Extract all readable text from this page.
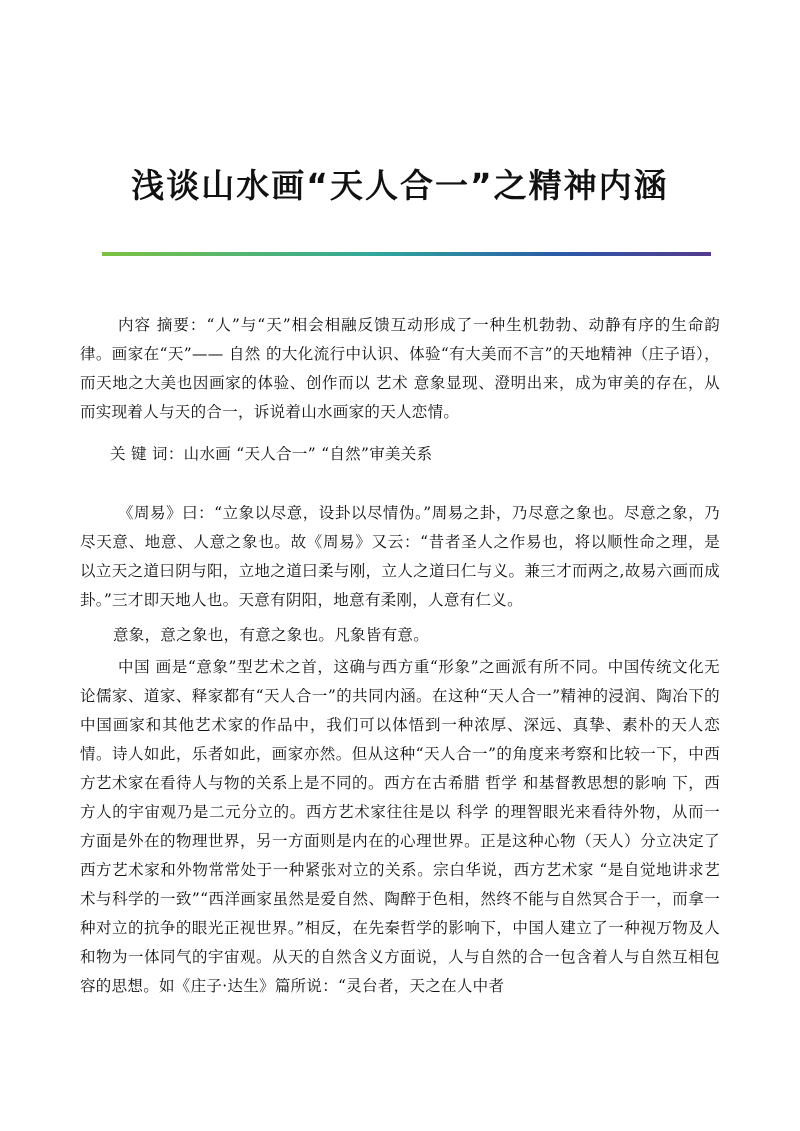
浅谈山水画“天人合一”之精神内涵

内容 摘要：“人”与“天”相会相融反馈互动形成了一种生机勃勃、动静有序的生命韵律。画家在“天”—— 自然 的大化流行中认识、体验“有大美而不言”的天地精神（庄子语），而天地之大美也因画家的体验、创作而以 艺术 意象显现、澄明出来，成为审美的存在，从而实现着人与天的合一，诉说着山水画家的天人恋情。

关 键 词：山水画 “天人合一” “自然”审美关系

《周易》曰：“立象以尽意，设卦以尽情伪。”周易之卦，乃尽意之象也。尽意之象，乃尽天意、地意、人意之象也。故《周易》又云：“昔者圣人之作易也，将以顺性命之理，是以立天之道曰阴与阳，立地之道曰柔与刚，立人之道曰仁与义。兼三才而两之,故易六画而成卦。”三才即天地人也。天意有阴阳，地意有柔刚，人意有仁义。

意象，意之象也，有意之象也。凡象皆有意。

中国 画是“意象”型艺术之首，这确与西方重“形象”之画派有所不同。中国传统文化无论儒家、道家、释家都有“天人合一”的共同内涵。在这种“天人合一”精神的浸润、陶冶下的中国画家和其他艺术家的作品中，我们可以体悟到一种浓厚、深远、真挚、素朴的天人恋情。诗人如此，乐者如此，画家亦然。但从这种“天人合一”的角度来考察和比较一下，中西方艺术家在看待人与物的关系上是不同的。西方在古希腊 哲学 和基督教思想的影响 下，西方人的宇宙观乃是二元分立的。西方艺术家往往是以 科学 的理智眼光来看待外物，从而一方面是外在的物理世界，另一方面则是内在的心理世界。正是这种心物（天人）分立决定了西方艺术家和外物常常处于一种紧张对立的关系。宗白华说，西方艺术家 “是自觉地讲求艺术与科学的一致”“西洋画家虽然是爱自然、陶醉于色相，然终不能与自然冥合于一，而拿一种对立的抗争的眼光正视世界。”相反，在先秦哲学的影响下，中国人建立了一种视万物及人和物为一体同气的宇宙观。从天的自然含义方面说，人与自然的合一包含着人与自然互相包容的思想。如《庄子·达生》篇所说：“灵台者，天之在人中者
